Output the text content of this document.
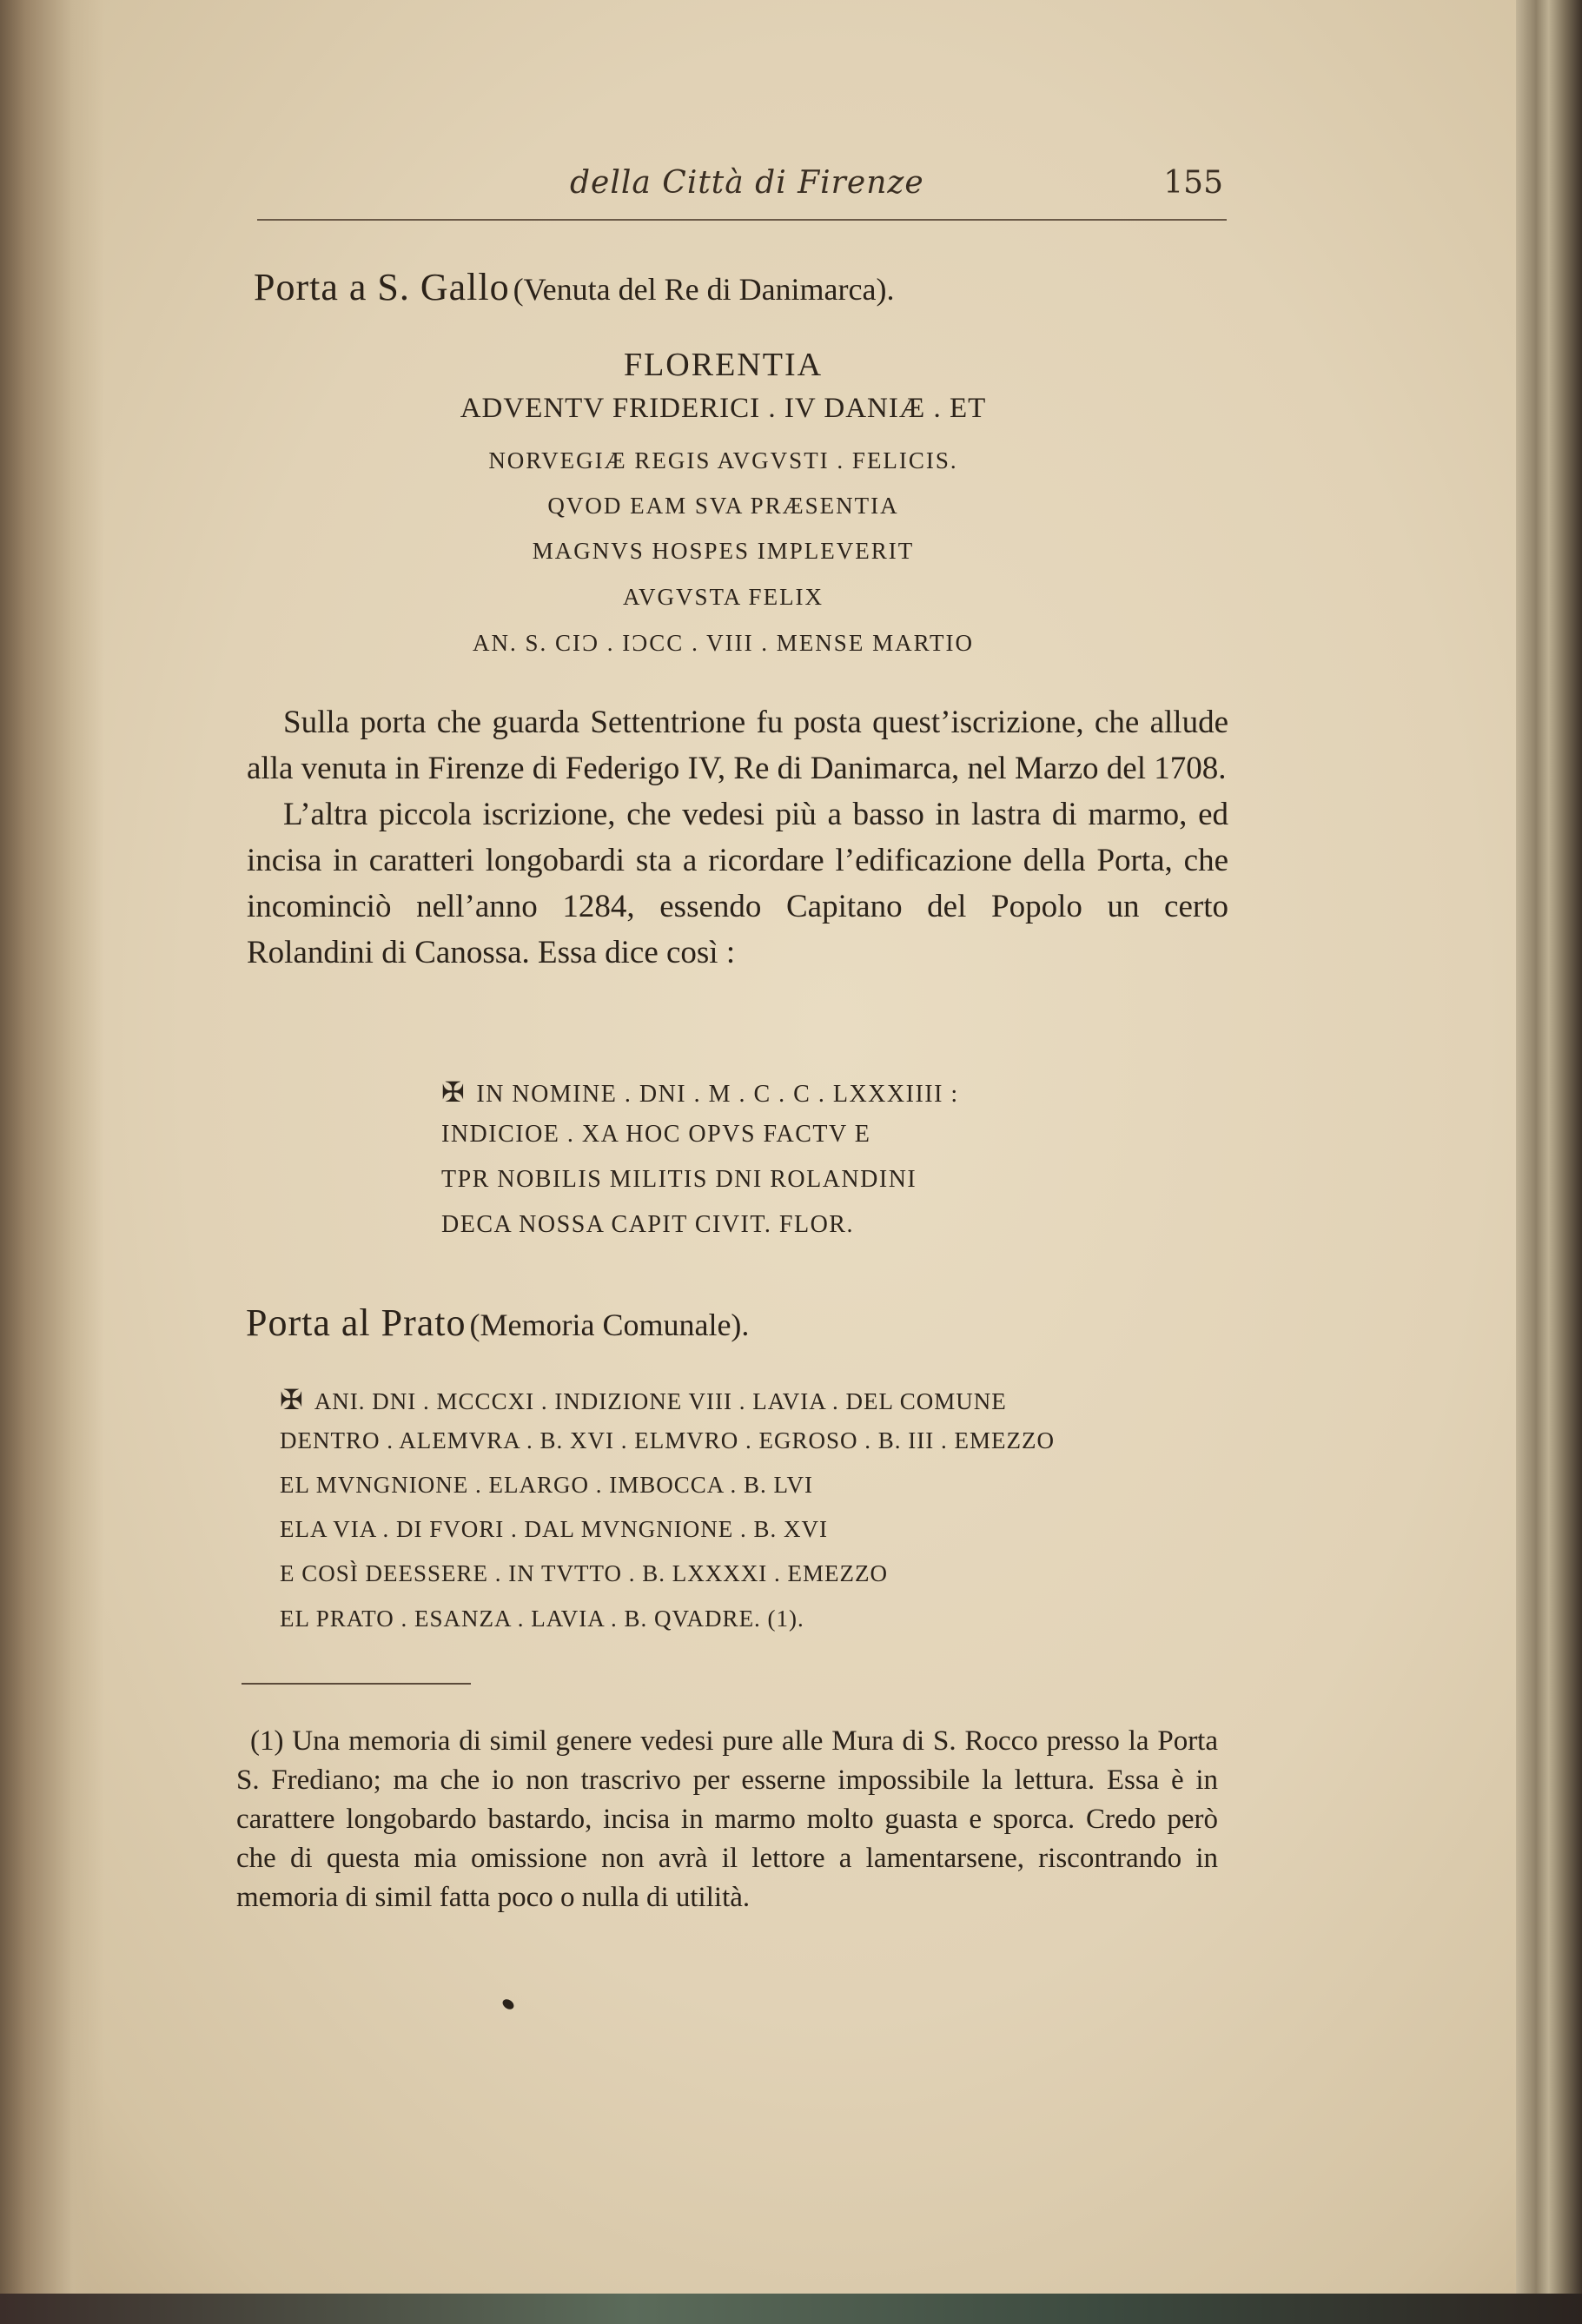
della Città di Firenze	155
Porta a S. Gallo (Venuta del Re di Danimarca).
FLORENTIA
ADVENTV FRIDERICI . IV DANIÆ . ET
NORVEGIÆ REGIS AVGVSTI . FELICIS.
QVOD EAM SVA PRÆSENTIA
MAGNVS HOSPES IMPLEVERIT
AVGVSTA FELIX
AN. S. CIƆ . IƆCC . VIII . MENSE MARTIO

Sulla porta che guarda Settentrione fu posta quest’iscrizione, che allude alla venuta in Firenze di Federigo IV, Re di Danimarca, nel Marzo del 1708.

L’altra piccola iscrizione, che vedesi più a basso in lastra di marmo, ed incisa in caratteri longobardi sta a ricordare l’edificazione della Porta, che incominciò nell’anno 1284, essendo Capitano del Popolo un certo Rolandini di Canossa. Essa dice così :

✠ IN NOMINE . DNI . M . C . C . LXXXIIII :
INDICIOE . XA HOC OPVS FACTV E
TPR NOBILIS MILITIS DNI ROLANDINI
DECA NOSSA CAPIT CIVIT. FLOR.
Porta al Prato (Memoria Comunale).
✠ ANI. DNI . MCCCXI . INDIZIONE VIII . LAVIA . DEL COMUNE
DENTRO . ALEMVRA . B. XVI . ELMVRO . EGROSO . B. III . EMEZZO
EL MVNGNIONE . ELARGO . IMBOCCA . B. LVI
ELA VIA . DI FVORI . DAL MVNGNIONE . B. XVI
E COSÌ DEESSERE . IN TVTTO . B. LXXXXI . EMEZZO
EL PRATO . ESANZA . LAVIA . B. QVADRE. (1).

(1) Una memoria di simil genere vedesi pure alle Mura di S. Rocco presso la Porta S. Frediano; ma che io non trascrivo per esserne impossibile la lettura. Essa è in carattere longobardo bastardo, incisa in marmo molto guasta e sporca. Credo però che di questa mia omissione non avrà il lettore a lamentarsene, riscontrando in memoria di simil fatta poco o nulla di utilità.
